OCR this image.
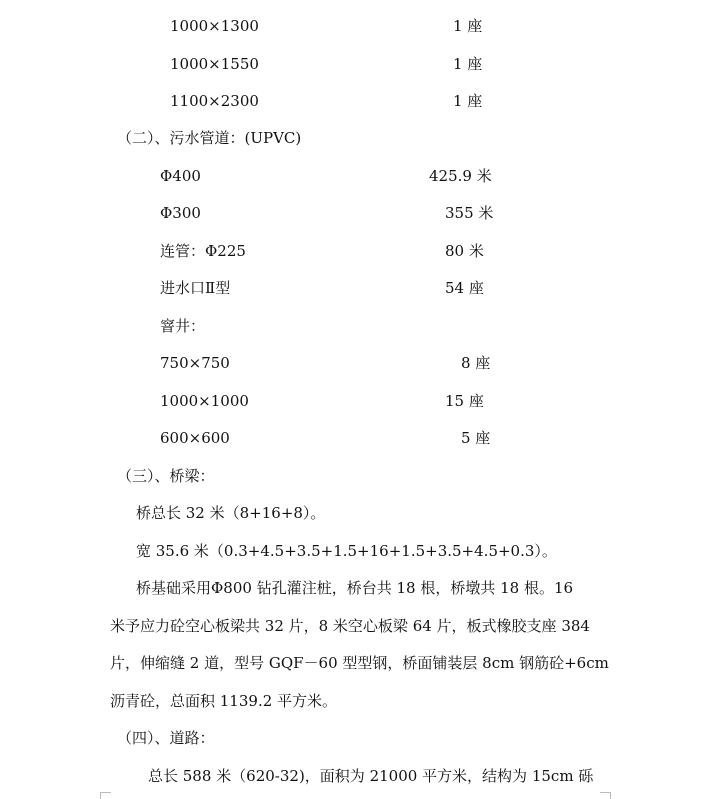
1000×1300	1 座
1000×1550	1 座
1100×2300	1 座
（二）、污水管道：(UPVC)
Φ400	425.9 米
Φ300	355 米
连管：Φ225	80 米
进水口Ⅱ型	54 座
窨井：
750×750	8 座
1000×1000	15 座
600×600	5 座
（三）、桥梁：
桥总长 32 米（8+16+8）。
宽 35.6 米（0.3+4.5+3.5+1.5+16+1.5+3.5+4.5+0.3）。
桥基础采用Φ800 钻孔灌注桩，桥台共 18 根，桥墩共 18 根。16
米予应力砼空心板梁共 32 片，8 米空心板梁 64 片，板式橡胶支座 384
片，伸缩缝 2 道，型号 GQF－60 型型钢，桥面铺装层 8cm 钢筋砼+6cm
沥青砼，总面积 1139.2 平方米。
（四）、道路：
总长 588 米（620-32)，面积为 21000 平方米，结构为 15cm 砾
